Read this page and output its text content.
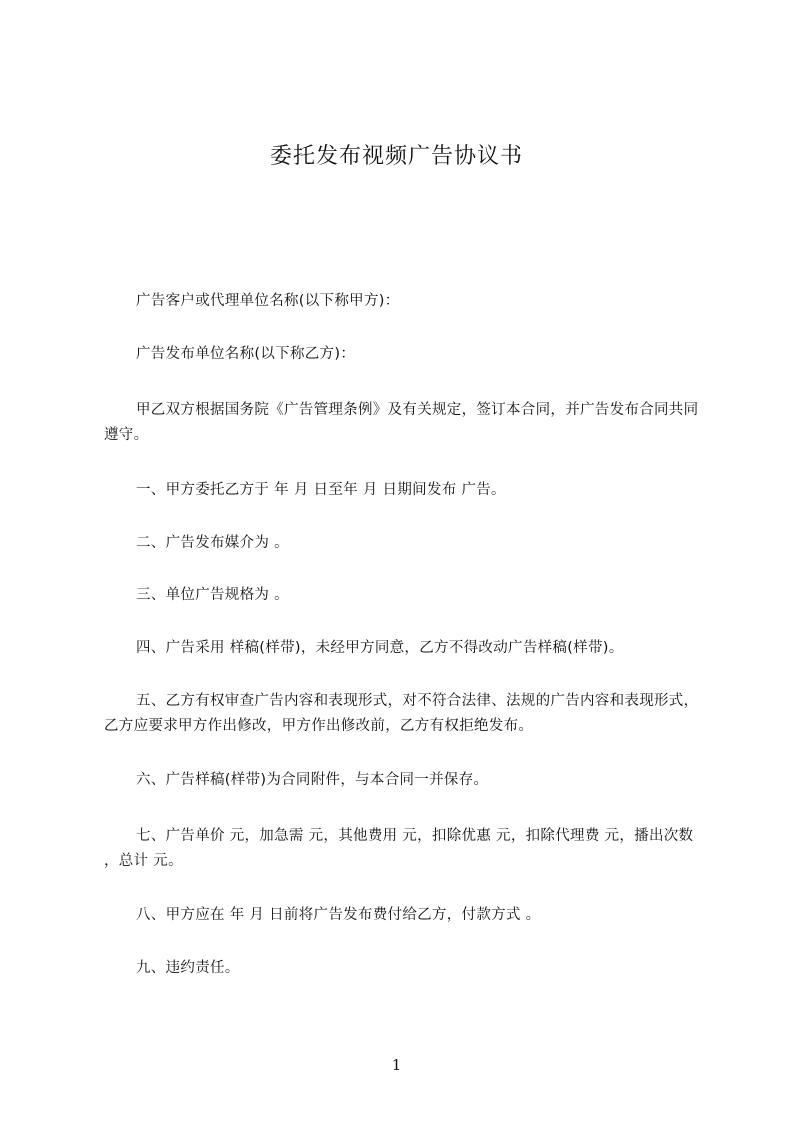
委托发布视频广告协议书
广告客户或代理单位名称(以下称甲方)：
广告发布单位名称(以下称乙方)：
甲乙双方根据国务院《广告管理条例》及有关规定，签订本合同，并广告发布合同共同遵守。
一、甲方委托乙方于 年 月 日至年 月 日期间发布 广告。
二、广告发布媒介为 。
三、单位广告规格为 。
四、广告采用 样稿(样带)，未经甲方同意，乙方不得改动广告样稿(样带)。
五、乙方有权审查广告内容和表现形式，对不符合法律、法规的广告内容和表现形式，乙方应要求甲方作出修改，甲方作出修改前，乙方有权拒绝发布。
六、广告样稿(样带)为合同附件，与本合同一并保存。
七、广告单价 元，加急需 元，其他费用 元，扣除优惠 元，扣除代理费 元，播出次数 ，总计 元。
八、甲方应在 年 月 日前将广告发布费付给乙方，付款方式 。
九、违约责任。
1
